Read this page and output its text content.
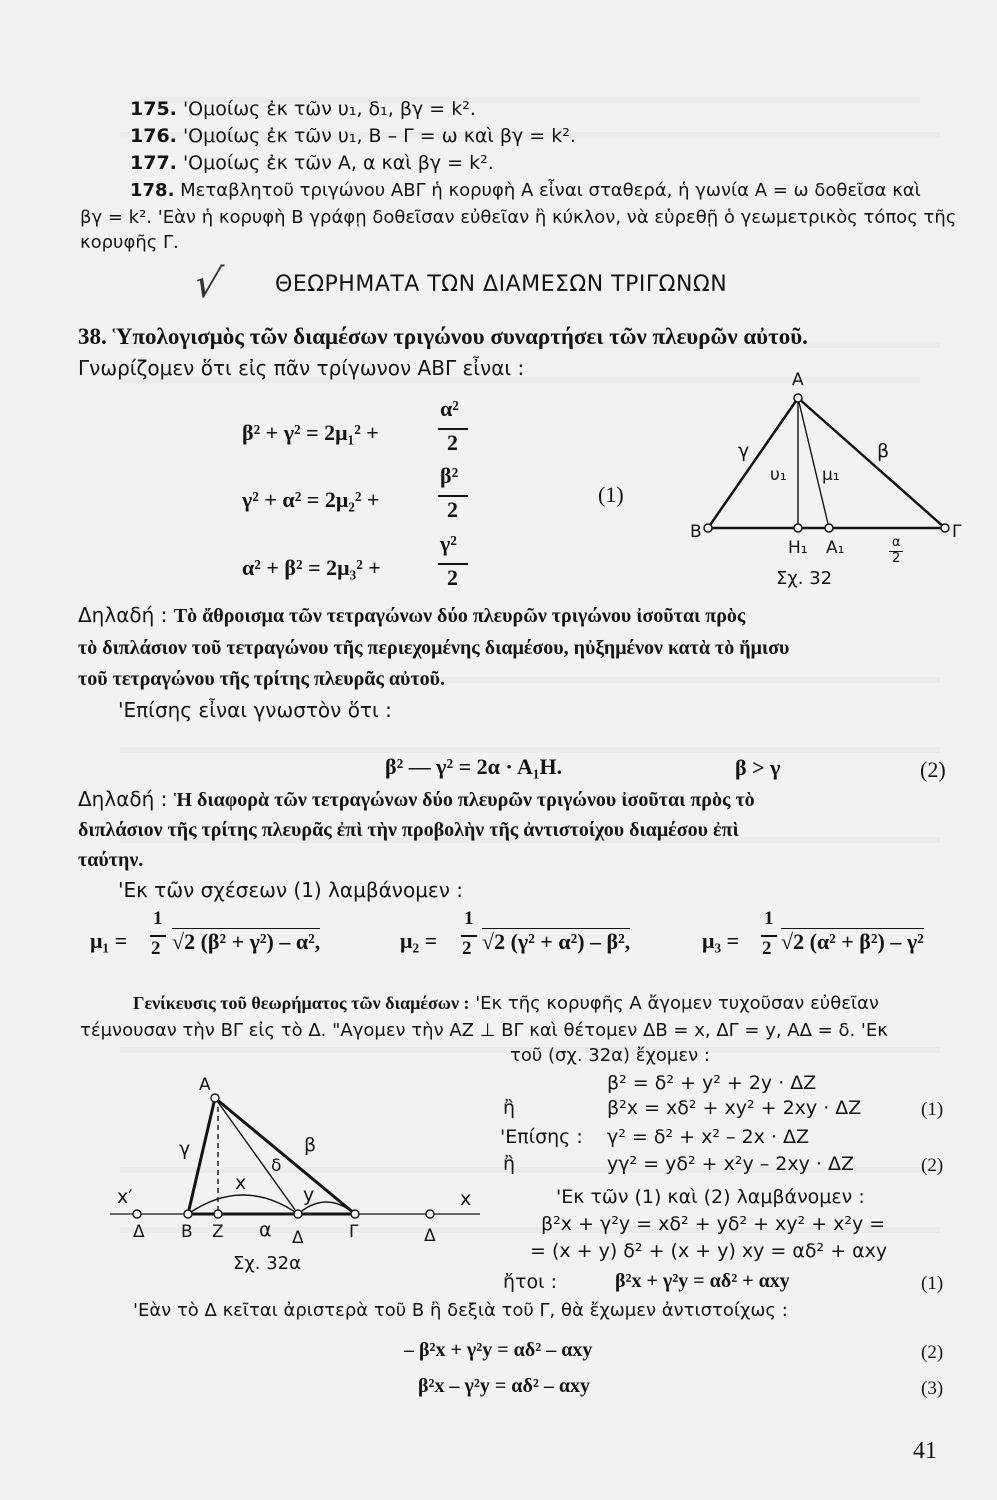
175. 'Ομοίως ἐκ τῶν υ₁, δ₁, βγ = k².
176. 'Ομοίως ἐκ τῶν υ₁, Β – Γ = ω καὶ βγ = k².
177. 'Ομοίως ἐκ τῶν Α, α καὶ βγ = k².
178. Μεταβλητοῦ τριγώνου ΑΒΓ ἡ κορυφὴ Α εἶναι σταθερά, ἡ γωνία Α = ω δοθεῖσα καὶ
βγ = k². 'Εὰν ἡ κορυφὴ Β γράφῃ δοθεῖσαν εὐθεῖαν ἢ κύκλον, νὰ εὑρεθῇ ὁ γεωμετρικὸς τόπος τῆς
κορυφῆς Γ.
√ ΘΕΩΡΗΜΑΤΑ ΤΩΝ ΔΙΑΜΕΣΩΝ ΤΡΙΓΩΝΩΝ
38. Ὑπολογισμὸς τῶν διαμέσων τριγώνου συναρτήσει τῶν πλευρῶν αὐτοῦ.
Γνωρίζομεν ὅτι εἰς πᾶν τρίγωνον ΑΒΓ εἶναι :
β² + γ² = 2μ₁² +
α²
2
γ² + α² = 2μ₂² +
β²
2
(1)
α² + β² = 2μ₃² +
γ²
2
Α
Β	Γ
γ	β
υ₁ μ₁
Η₁ Α₁	α
2
Σχ. 32
Δηλαδή : Τὸ ἄθροισμα τῶν τετραγώνων δύο πλευρῶν τριγώνου ἰσοῦται πρὸς
τὸ διπλάσιον τοῦ τετραγώνου τῆς περιεχομένης διαμέσου, ηὐξημένον κατὰ τὸ ἥμισυ
τοῦ τετραγώνου τῆς τρίτης πλευρᾶς αὐτοῦ.
'Επίσης εἶναι γνωστὸν ὅτι :
β² — γ² = 2α · Α₁Η.	β > γ	(2)
Δηλαδή : Ἡ διαφορὰ τῶν τετραγώνων δύο πλευρῶν τριγώνου ἰσοῦται πρὸς τὸ
διπλάσιον τῆς τρίτης πλευρᾶς ἐπὶ τὴν προβολὴν τῆς ἀντιστοίχου διαμέσου ἐπὶ
ταύτην.
'Εκ τῶν σχέσεων (1) λαμβάνομεν :
μ₁ =
1
2 √2 (β² + γ²) – α²,	μ₂ =
1
2 √2 (γ² + α²) – β²,	μ₃ =
1
2 √2 (α² + β²) – γ²
Γενίκευσις τοῦ θεωρήματος τῶν διαμέσων : 'Εκ τῆς κορυφῆς Α ἄγομεν τυχοῦσαν εὐθεῖαν
τέμνουσαν τὴν ΒΓ εἰς τὸ Δ. "Αγομεν τὴν ΑΖ ⊥ ΒΓ καὶ θέτομεν ΔΒ = x, ΔΓ = y, ΑΔ = δ. 'Εκ
τοῦ (σχ. 32α) ἔχομεν :
β² = δ² + y² + 2y · ΔΖ
ἢ	β²x = xδ² + xy² + 2xy · ΔΖ	(1)
'Επίσης : γ² = δ² + x² – 2x · ΔΖ
ἢ	yγ² = yδ² + x²y – 2xy · ΔΖ	(2)
'Εκ τῶν (1) καὶ (2) λαμβάνομεν :
β²x + γ²y = xδ² + yδ² + xy² + x²y =
= (x + y) δ² + (x + y) xy = αδ² + αxy
ἤτοι :	β²x + γ²y = αδ² + αxy	(1)
'Εὰν τὸ Δ κεῖται ἀριστερὰ τοῦ Β ἢ δεξιὰ τοῦ Γ, θὰ ἔχωμεν ἀντιστοίχως :
– β²x + γ²y = αδ² – αxy	(2)
β²x – γ²y = αδ² – αxy	(3)
Α
γ	β
δ
x
y
x′	x
Δ Β Ζ α Δ	Γ	Δ
Σχ. 32α
41
